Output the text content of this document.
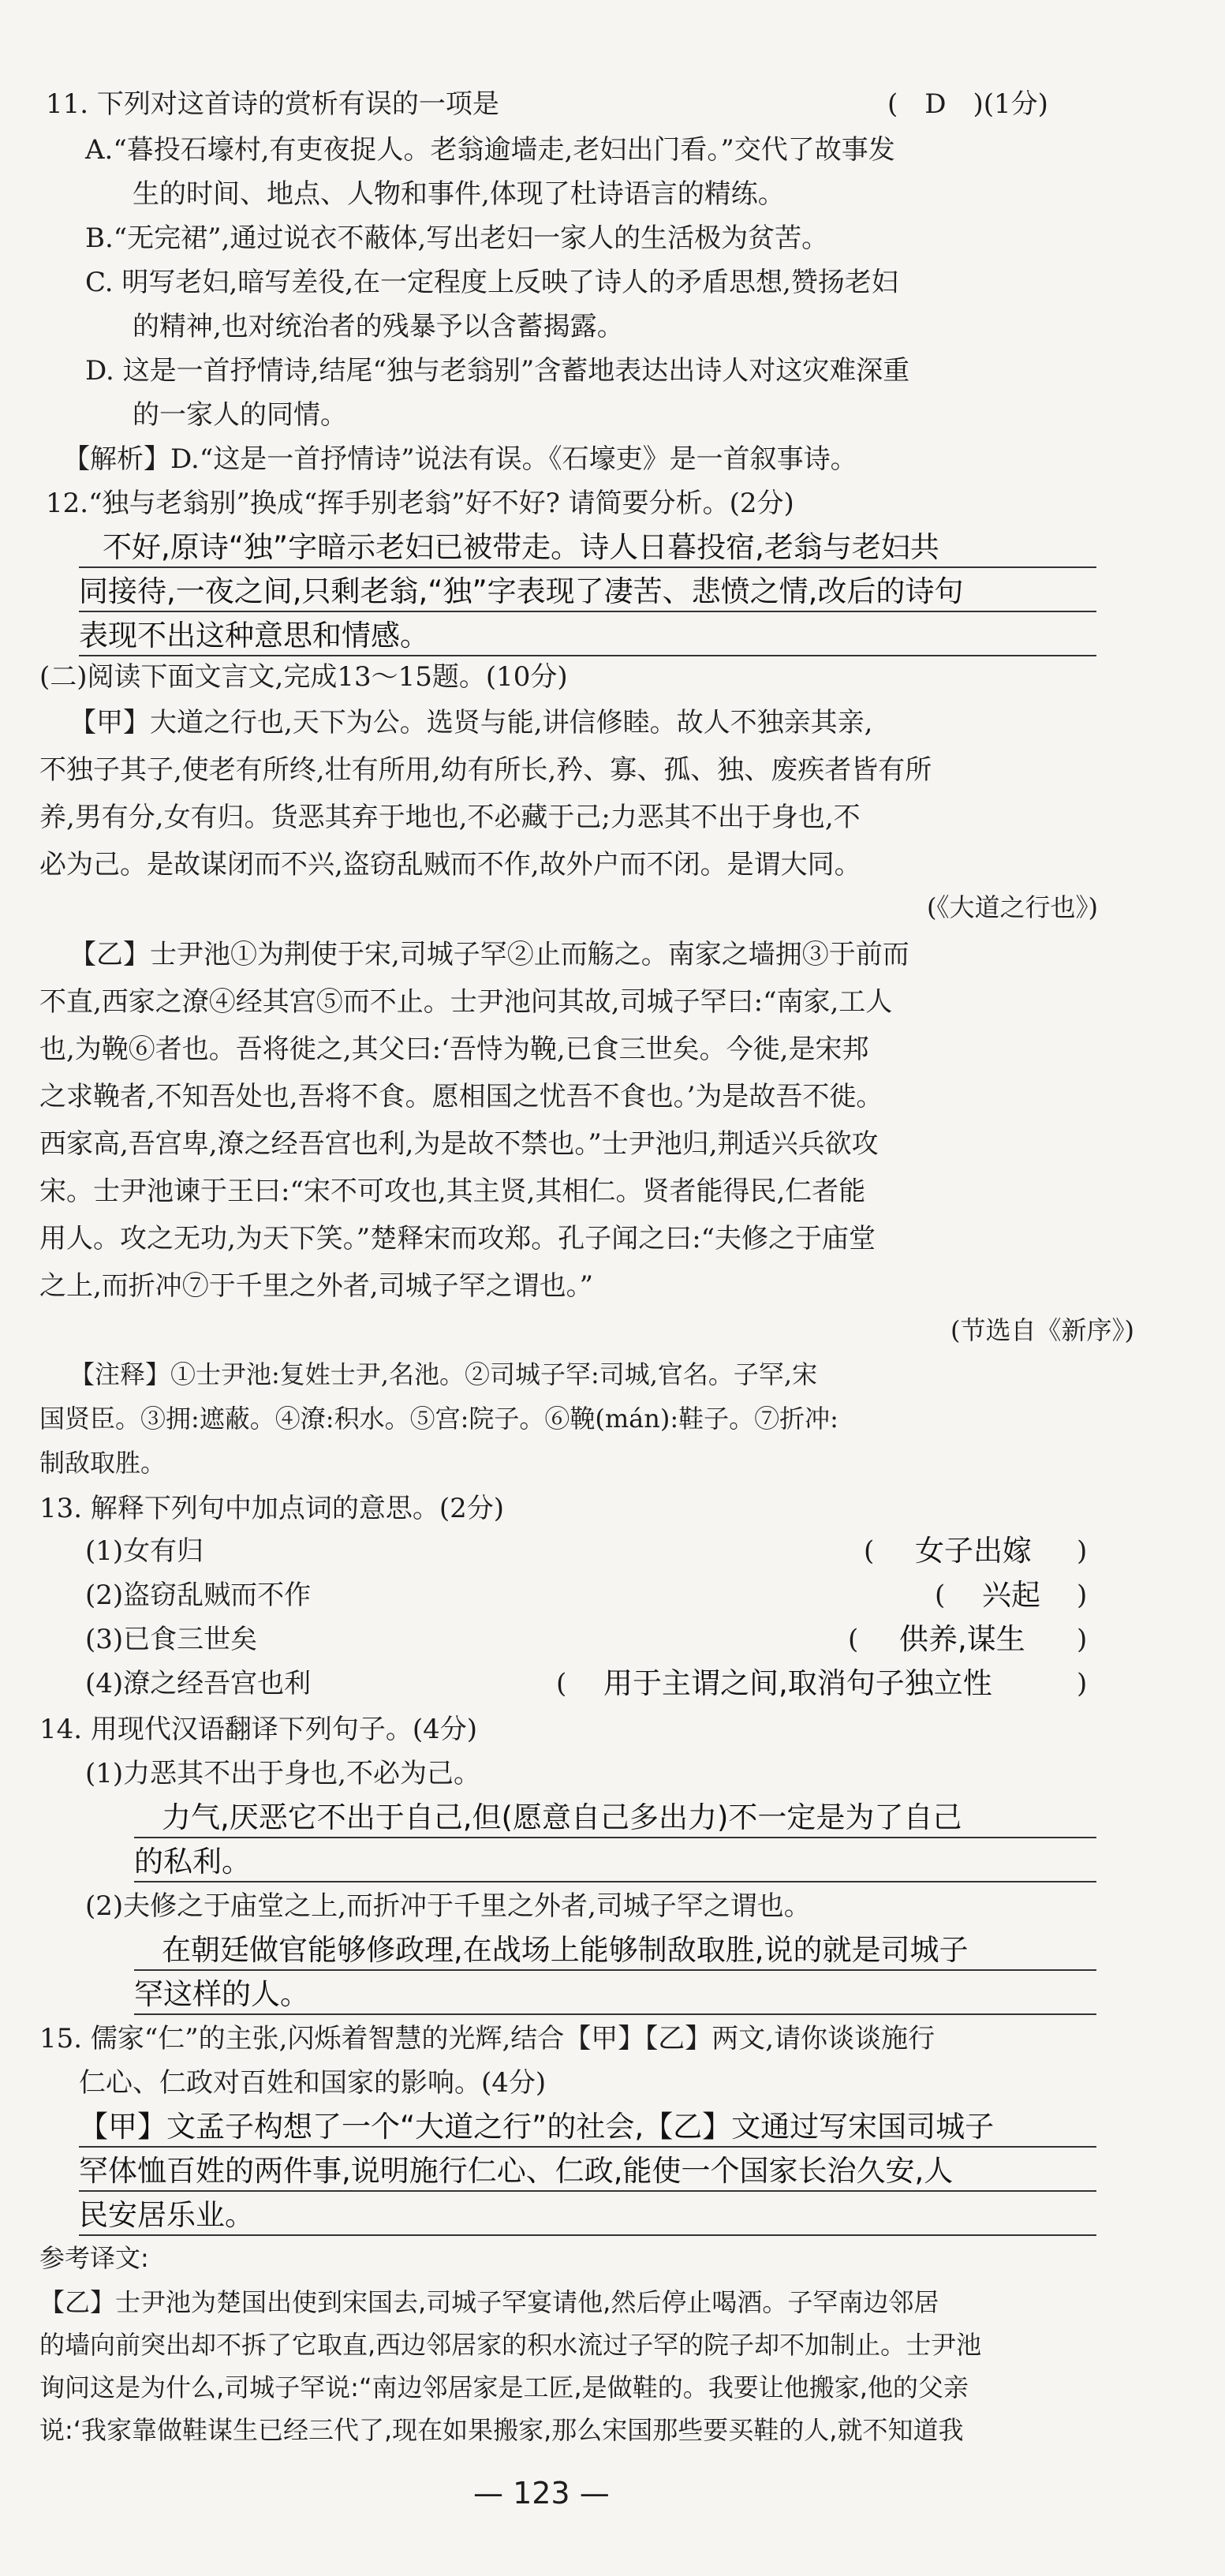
11. 下列对这首诗的赏析有误的一项是	(　D　)(1分)
A.“暮投石壕村,有吏夜捉人。老翁逾墙走,老妇出门看。”交代了故事发
生的时间、地点、人物和事件,体现了杜诗语言的精练。
B.“无完裙”,通过说衣不蔽体,写出老妇一家人的生活极为贫苦。
C. 明写老妇,暗写差役,在一定程度上反映了诗人的矛盾思想,赞扬老妇
的精神,也对统治者的残暴予以含蓄揭露。
D. 这是一首抒情诗,结尾“独与老翁别”含蓄地表达出诗人对这灾难深重
的一家人的同情。
【解析】D.“这是一首抒情诗”说法有误。《石壕吏》是一首叙事诗。
12.“独与老翁别”换成“挥手别老翁”好不好? 请简要分析。(2分)
不好,原诗“独”字暗示老妇已被带走。诗人日暮投宿,老翁与老妇共
同接待,一夜之间,只剩老翁,“独”字表现了凄苦、悲愤之情,改后的诗句
表现不出这种意思和情感。
(二)阅读下面文言文,完成13～15题。(10分)
【甲】大道之行也,天下为公。选贤与能,讲信修睦。故人不独亲其亲,
不独子其子,使老有所终,壮有所用,幼有所长,矜、寡、孤、独、废疾者皆有所
养,男有分,女有归。货恶其弃于地也,不必藏于己;力恶其不出于身也,不
必为己。是故谋闭而不兴,盗窃乱贼而不作,故外户而不闭。是谓大同。
(《大道之行也》)
【乙】士尹池①为荆使于宋,司城子罕②止而觞之。南家之墙拥③于前而
不直,西家之潦④经其宫⑤而不止。士尹池问其故,司城子罕曰:“南家,工人
也,为鞔⑥者也。吾将徙之,其父曰:‘吾恃为鞔,已食三世矣。今徙,是宋邦
之求鞔者,不知吾处也,吾将不食。愿相国之忧吾不食也。’为是故吾不徙。
西家高,吾宫卑,潦之经吾宫也利,为是故不禁也。”士尹池归,荆适兴兵欲攻
宋。士尹池谏于王曰:“宋不可攻也,其主贤,其相仁。贤者能得民,仁者能
用人。攻之无功,为天下笑。”楚释宋而攻郑。孔子闻之曰:“夫修之于庙堂
之上,而折冲⑦于千里之外者,司城子罕之谓也。”
(节选自《新序》)
【注释】①士尹池:复姓士尹,名池。②司城子罕:司城,官名。子罕,宋
国贤臣。③拥:遮蔽。④潦:积水。⑤宫:院子。⑥鞔(mán):鞋子。⑦折冲:
制敌取胜。
13. 解释下列句中加点词的意思。(2分)
(1)女有归	( 女子出嫁 )
(2)盗窃乱贼而不作	( 兴起 )
(3)已食三世矣	( 供养,谋生 )
(4)潦之经吾宫也利	( 用于主谓之间,取消句子独立性	)
14. 用现代汉语翻译下列句子。(4分)
(1)力恶其不出于身也,不必为己。
力气,厌恶它不出于自己,但(愿意自己多出力)不一定是为了自己
的私利。
(2)夫修之于庙堂之上,而折冲于千里之外者,司城子罕之谓也。
在朝廷做官能够修政理,在战场上能够制敌取胜,说的就是司城子
罕这样的人。
15. 儒家“仁”的主张,闪烁着智慧的光辉,结合【甲】【乙】两文,请你谈谈施行
仁心、仁政对百姓和国家的影响。(4分)
【甲】文孟子构想了一个“大道之行”的社会,【乙】文通过写宋国司城子
罕体恤百姓的两件事,说明施行仁心、仁政,能使一个国家长治久安,人
民安居乐业。
参考译文:
【乙】士尹池为楚国出使到宋国去,司城子罕宴请他,然后停止喝酒。子罕南边邻居
的墙向前突出却不拆了它取直,西边邻居家的积水流过子罕的院子却不加制止。士尹池
询问这是为什么,司城子罕说:“南边邻居家是工匠,是做鞋的。我要让他搬家,他的父亲
说:‘我家靠做鞋谋生已经三代了,现在如果搬家,那么宋国那些要买鞋的人,就不知道我
— 123 —
